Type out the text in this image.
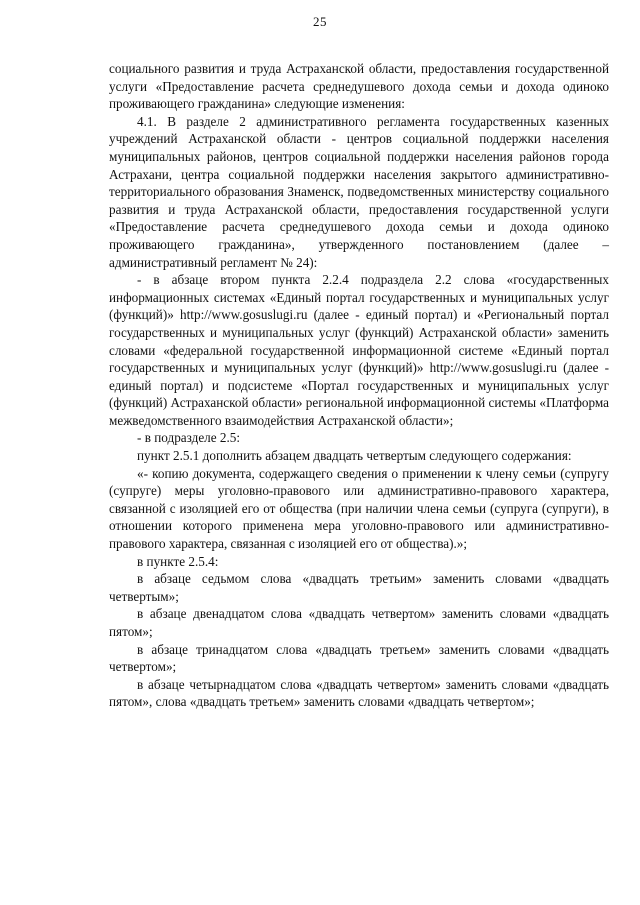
25

социального развития и труда Астраханской области, предоставления государственной услуги «Предоставление расчета среднедушевого дохода семьи и дохода одиноко проживающего гражданина» следующие изменения:

4.1. В разделе 2 административного регламента государственных казенных учреждений Астраханской области - центров социальной поддержки населения муниципальных районов, центров социальной поддержки населения районов города Астрахани, центра социальной поддержки населения закрытого административно-территориального образования Знаменск, подведомственных министерству социального развития и труда Астраханской области, предоставления государственной услуги «Предоставление расчета среднедушевого дохода семьи и дохода одиноко проживающего гражданина», утвержденного постановлением (далее – административный регламент № 24):

- в абзаце втором пункта 2.2.4 подраздела 2.2 слова «государственных информационных системах «Единый портал государственных и муниципальных услуг (функций)» http://www.gosuslugi.ru (далее - единый портал) и «Региональный портал государственных и муниципальных услуг (функций) Астраханской области» заменить словами «федеральной государственной информационной системе «Единый портал государственных и муниципальных услуг (функций)» http://www.gosuslugi.ru (далее - единый портал) и подсистеме «Портал государственных и муниципальных услуг (функций) Астраханской области» региональной информационной системы «Платформа межведомственного взаимодействия Астраханской области»;

- в подразделе 2.5:

пункт 2.5.1 дополнить абзацем двадцать четвертым следующего содержания:

«- копию документа, содержащего сведения о применении к члену семьи (супругу (супруге) меры уголовно-правового или административно-правового характера, связанной с изоляцией его от общества (при наличии члена семьи (супруга (супруги), в отношении которого применена мера уголовно-правового или административно-правового характера, связанная с изоляцией его от общества).»;

в пункте 2.5.4:

в абзаце седьмом слова «двадцать третьим» заменить словами «двадцать четвертым»;

в абзаце двенадцатом слова «двадцать четвертом» заменить словами «двадцать пятом»;

в абзаце тринадцатом слова «двадцать третьем» заменить словами «двадцать четвертом»;

в абзаце четырнадцатом слова «двадцать четвертом» заменить словами «двадцать пятом», слова «двадцать третьем» заменить словами «двадцать четвертом»;
